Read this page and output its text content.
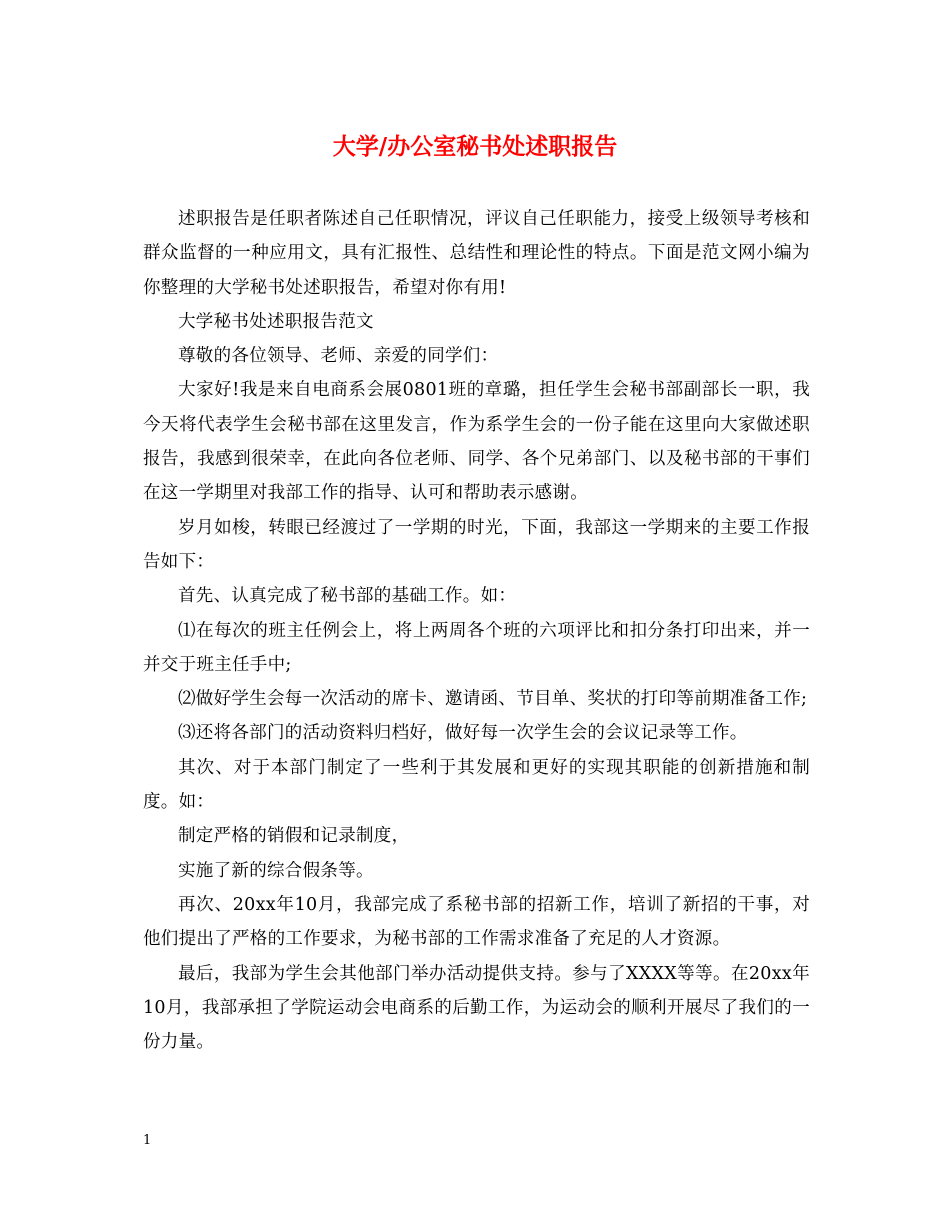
大学/办公室秘书处述职报告

述职报告是任职者陈述自己任职情况，评议自己任职能力，接受上级领导考核和群众监督的一种应用文，具有汇报性、总结性和理论性的特点。下面是范文网小编为你整理的大学秘书处述职报告，希望对你有用!

大学秘书处述职报告范文

尊敬的各位领导、老师、亲爱的同学们：

大家好!我是来自电商系会展0801班的章璐，担任学生会秘书部副部长一职，我今天将代表学生会秘书部在这里发言，作为系学生会的一份子能在这里向大家做述职报告，我感到很荣幸，在此向各位老师、同学、各个兄弟部门、以及秘书部的干事们在这一学期里对我部工作的指导、认可和帮助表示感谢。

岁月如梭，转眼已经渡过了一学期的时光，下面，我部这一学期来的主要工作报告如下：

首先、认真完成了秘书部的基础工作。如：

⑴在每次的班主任例会上，将上两周各个班的六项评比和扣分条打印出来，并一并交于班主任手中;

⑵做好学生会每一次活动的席卡、邀请函、节目单、奖状的打印等前期准备工作;

⑶还将各部门的活动资料归档好，做好每一次学生会的会议记录等工作。

其次、对于本部门制定了一些利于其发展和更好的实现其职能的创新措施和制度。如：

制定严格的销假和记录制度，

实施了新的综合假条等。

再次、20xx年10月，我部完成了系秘书部的招新工作，培训了新招的干事，对他们提出了严格的工作要求，为秘书部的工作需求准备了充足的人才资源。

最后，我部为学生会其他部门举办活动提供支持。参与了XXXX等等。在20xx年10月，我部承担了学院运动会电商系的后勤工作，为运动会的顺利开展尽了我们的一份力量。

1
